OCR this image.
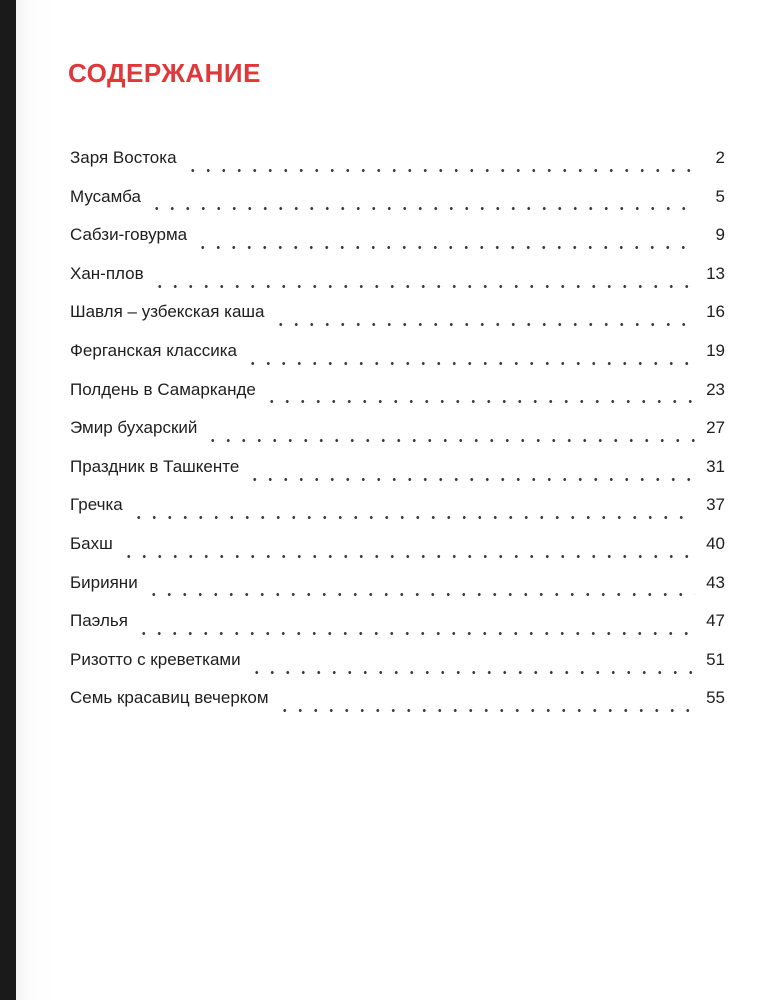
СОДЕРЖАНИЕ
Заря Востока	2
Мусамба	5
Сабзи-говурма	9
Хан-плов	13
Шавля – узбекская каша	16
Ферганская классика	19
Полдень в Самарканде	23
Эмир бухарский	27
Праздник в Ташкенте	31
Гречка	37
Бахш	40
Бирияни	43
Паэлья	47
Ризотто с креветками	51
Семь красавиц вечерком	55
